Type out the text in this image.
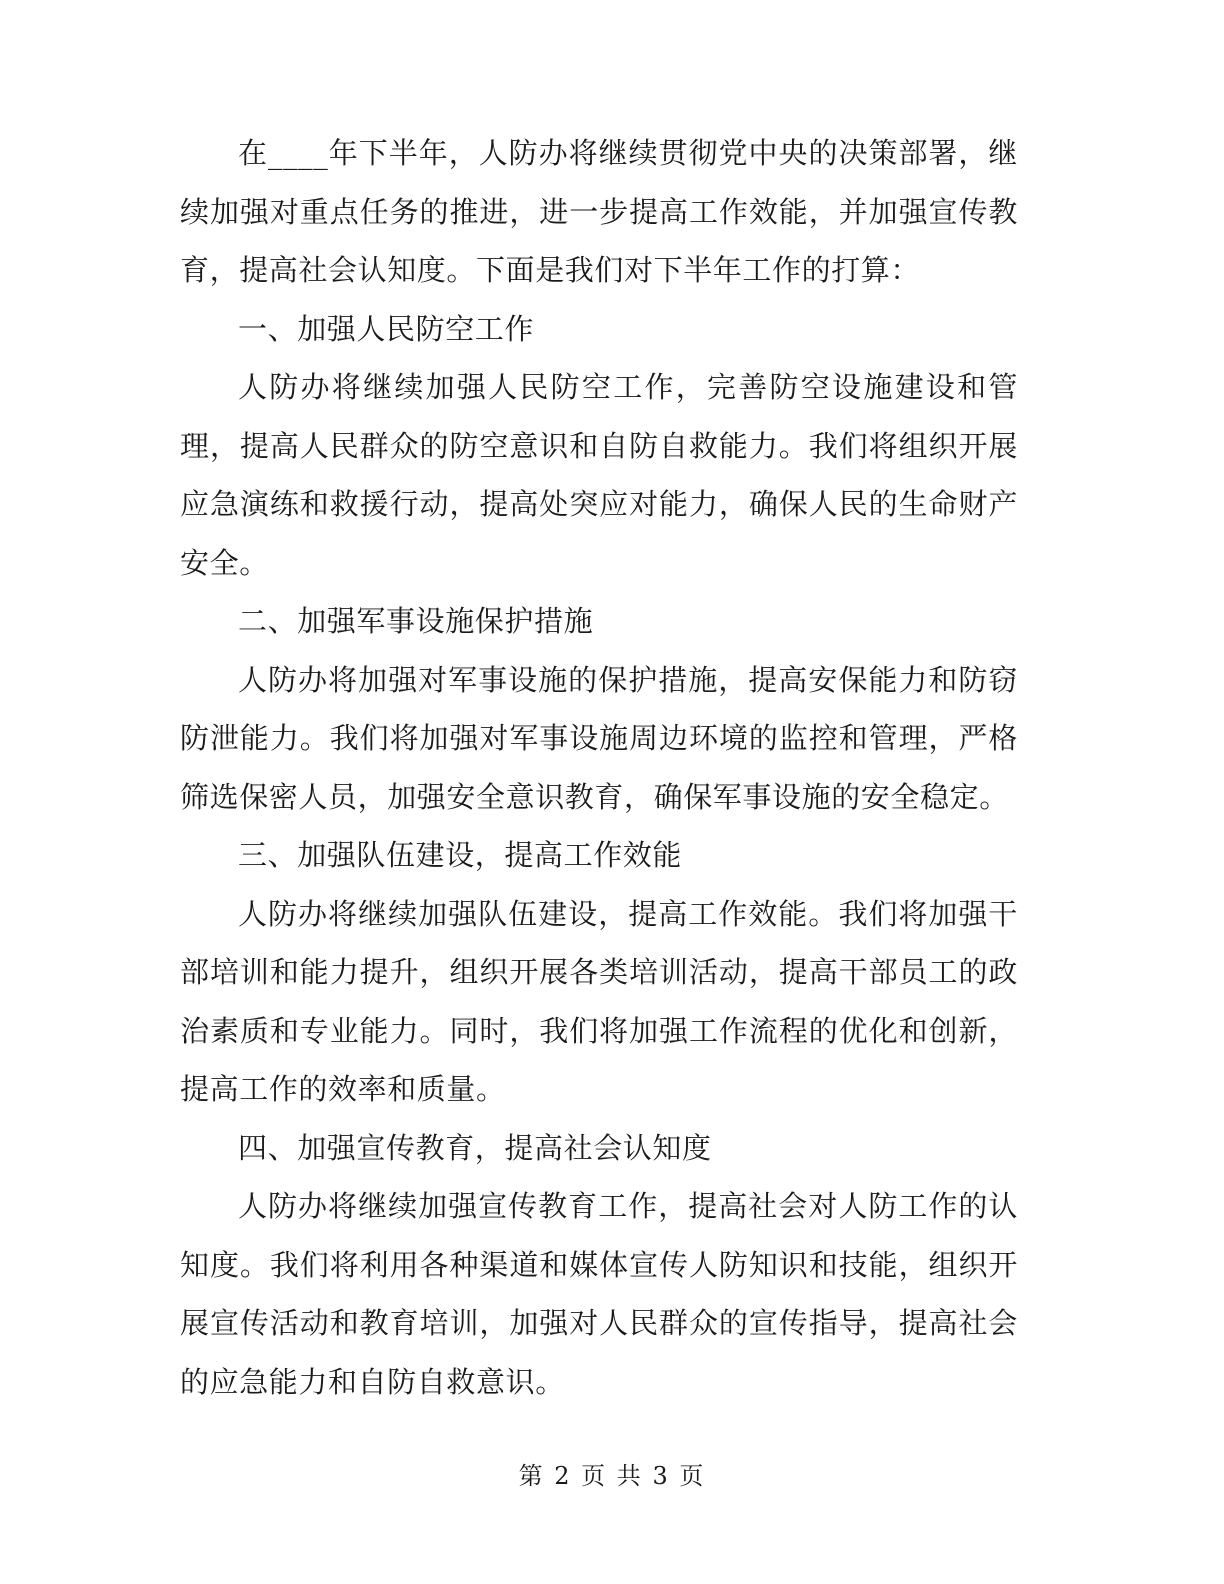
在____年下半年，人防办将继续贯彻党中央的决策部署，继续加强对重点任务的推进，进一步提高工作效能，并加强宣传教育，提高社会认知度。下面是我们对下半年工作的打算：

一、加强人民防空工作

人防办将继续加强人民防空工作，完善防空设施建设和管理，提高人民群众的防空意识和自防自救能力。我们将组织开展应急演练和救援行动，提高处突应对能力，确保人民的生命财产安全。

二、加强军事设施保护措施

人防办将加强对军事设施的保护措施，提高安保能力和防窃防泄能力。我们将加强对军事设施周边环境的监控和管理，严格筛选保密人员，加强安全意识教育，确保军事设施的安全稳定。

三、加强队伍建设，提高工作效能

人防办将继续加强队伍建设，提高工作效能。我们将加强干部培训和能力提升，组织开展各类培训活动，提高干部员工的政治素质和专业能力。同时，我们将加强工作流程的优化和创新，提高工作的效率和质量。

四、加强宣传教育，提高社会认知度

人防办将继续加强宣传教育工作，提高社会对人防工作的认知度。我们将利用各种渠道和媒体宣传人防知识和技能，组织开展宣传活动和教育培训，加强对人民群众的宣传指导，提高社会的应急能力和自防自救意识。

第 2 页 共 3 页
